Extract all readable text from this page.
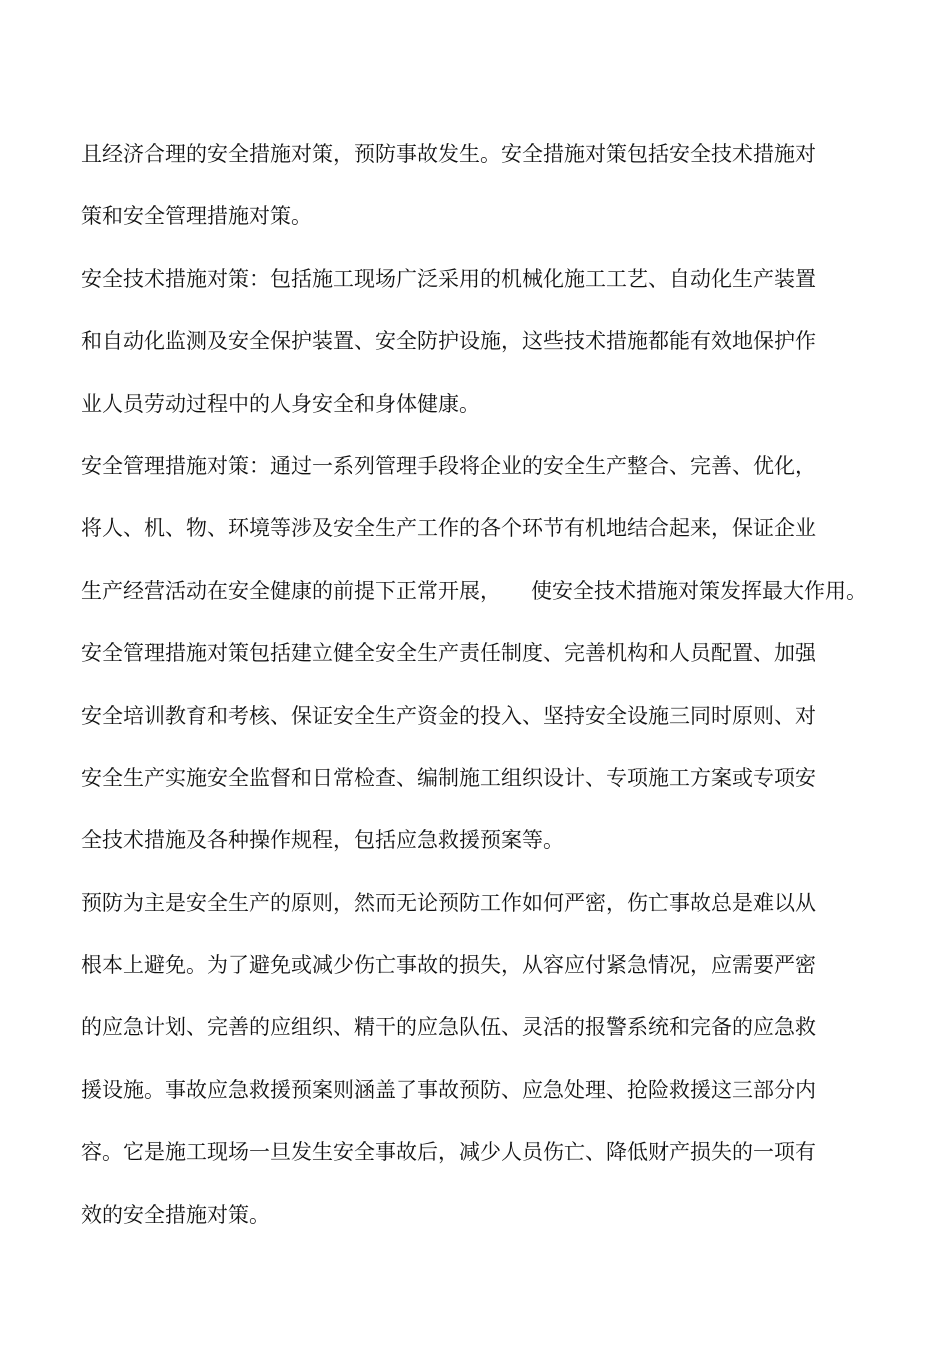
且经济合理的安全措施对策，预防事故发生。安全措施对策包括安全技术措施对

策和安全管理措施对策。

安全技术措施对策：包括施工现场广泛采用的机械化施工工艺、自动化生产装置

和自动化监测及安全保护装置、安全防护设施，这些技术措施都能有效地保护作

业人员劳动过程中的人身安全和身体健康。

安全管理措施对策：通过一系列管理手段将企业的安全生产整合、完善、优化，

将人、机、物、环境等涉及安全生产工作的各个环节有机地结合起来，保证企业

生产经营活动在安全健康的前提下正常开展， 使安全技术措施对策发挥最大作用。

安全管理措施对策包括建立健全安全生产责任制度、完善机构和人员配置、加强

安全培训教育和考核、保证安全生产资金的投入、坚持安全设施三同时原则、对

安全生产实施安全监督和日常检查、编制施工组织设计、专项施工方案或专项安

全技术措施及各种操作规程，包括应急救援预案等。

预防为主是安全生产的原则，然而无论预防工作如何严密，伤亡事故总是难以从

根本上避免。为了避免或减少伤亡事故的损失，从容应付紧急情况，应需要严密

的应急计划、完善的应组织、精干的应急队伍、灵活的报警系统和完备的应急救

援设施。事故应急救援预案则涵盖了事故预防、应急处理、抢险救援这三部分内

容。它是施工现场一旦发生安全事故后，减少人员伤亡、降低财产损失的一项有

效的安全措施对策。
